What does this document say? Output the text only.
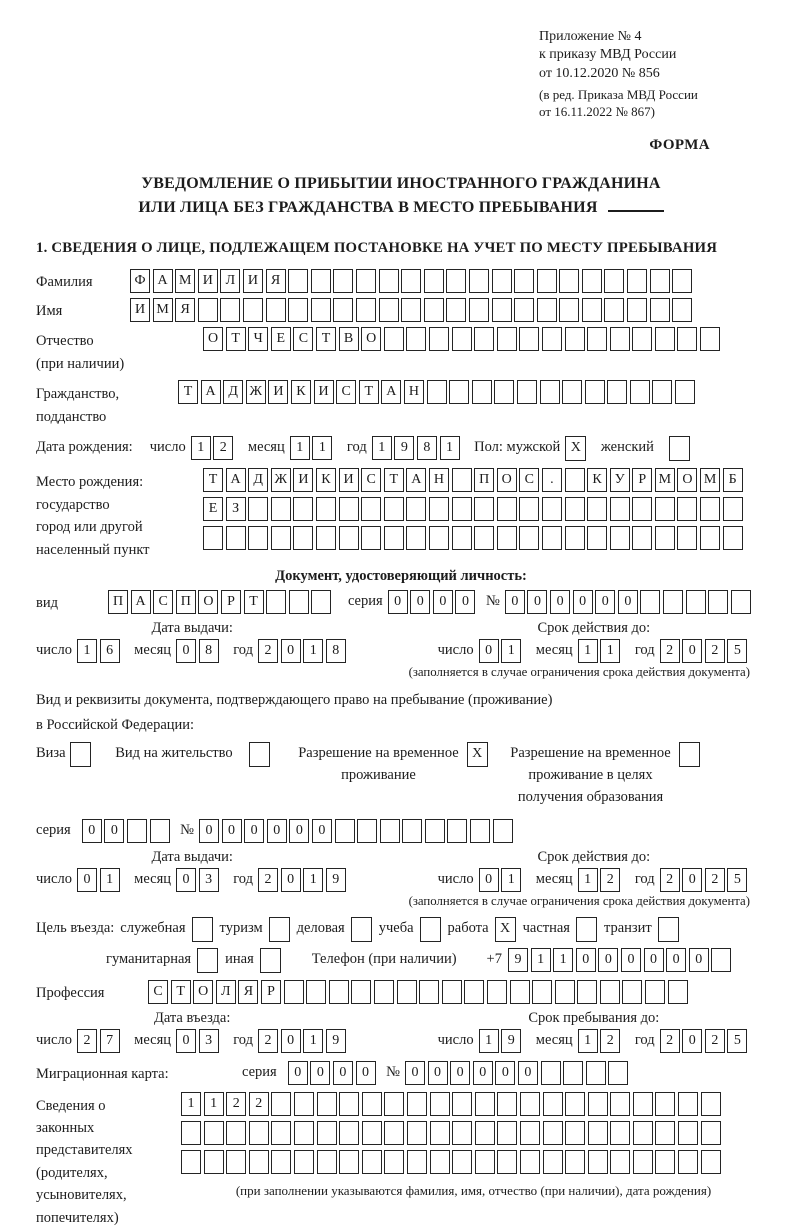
Приложение № 4
к приказу МВД России
от 10.12.2020 № 856
(в ред. Приказа МВД России
от 16.11.2022 № 867)
ФОРМА
УВЕДОМЛЕНИЕ О ПРИБЫТИИ ИНОСТРАННОГО ГРАЖДАНИНА
ИЛИ ЛИЦА БЕЗ ГРАЖДАНСТВА В МЕСТО ПРЕБЫВАНИЯ
1. СВЕДЕНИЯ О ЛИЦЕ, ПОДЛЕЖАЩЕМ ПОСТАНОВКЕ НА УЧЕТ ПО МЕСТУ ПРЕБЫВАНИЯ
Фамилия	Ф А М И Л И Я
Имя	И М Я
Отчество
(при наличии)
О Т Ч Е С Т В О
Гражданство,
подданство
Т А Д Ж И К И С Т А Н
Дата рождения: число 1	2	месяц 1	1	год 1	9	8	1	Пол: мужской X	женский
Место рождения:
государство
город или другой
населенный пункт
Т А Д Ж И К И С Т А Н	П О С	.	К У Р М О М Б

Е	З

Документ, удостоверяющий личность:
вид	П А С П О Р	Т	серия 0	0	0	0	№ 0	0	0	0	0	0
Дата выдачи:
число 1	6	месяц 0	8	год 2	0	1	8
Срок действия до:
число 0	1	месяц 1	1	год 2	0	2	5
(заполняется в случае ограничения срока действия документа)
Вид и реквизиты документа, подтверждающего право на пребывание (проживание)
в Российской Федерации:
Виза	Вид на жительство	Разрешение на временное
проживание
X	Разрешение на временное
проживание в целях
получения образования
серия	0	0	№ 0	0	0	0	0	0
Дата выдачи:
число 0	1	месяц 0	3	год 2	0	1	9
Срок действия до:
число 0	1	месяц 1	2	год 2	0	2	5
(заполняется в случае ограничения срока действия документа)
Цель въезда: служебная туризм деловая учеба работа X частная транзит
гуманитарная иная	Телефон (при наличии) +7 9	1	1	0	0	0	0	0	0
Профессия	С Т О Л Я	Р
Дата въезда:
число 2	7	месяц 0	3	год 2	0	1	9
Срок пребывания до:
число 1	9	месяц 1	2	год 2	0	2	5
Миграционная карта:	серия	0	0	0	0	№ 0	0	0	0	0	0
Сведения о
законных
представителях
(родителях,
усыновителях,
попечителях)
1	1	2	2

(при заполнении указываются фамилия, имя, отчество (при наличии), дата рождения)
